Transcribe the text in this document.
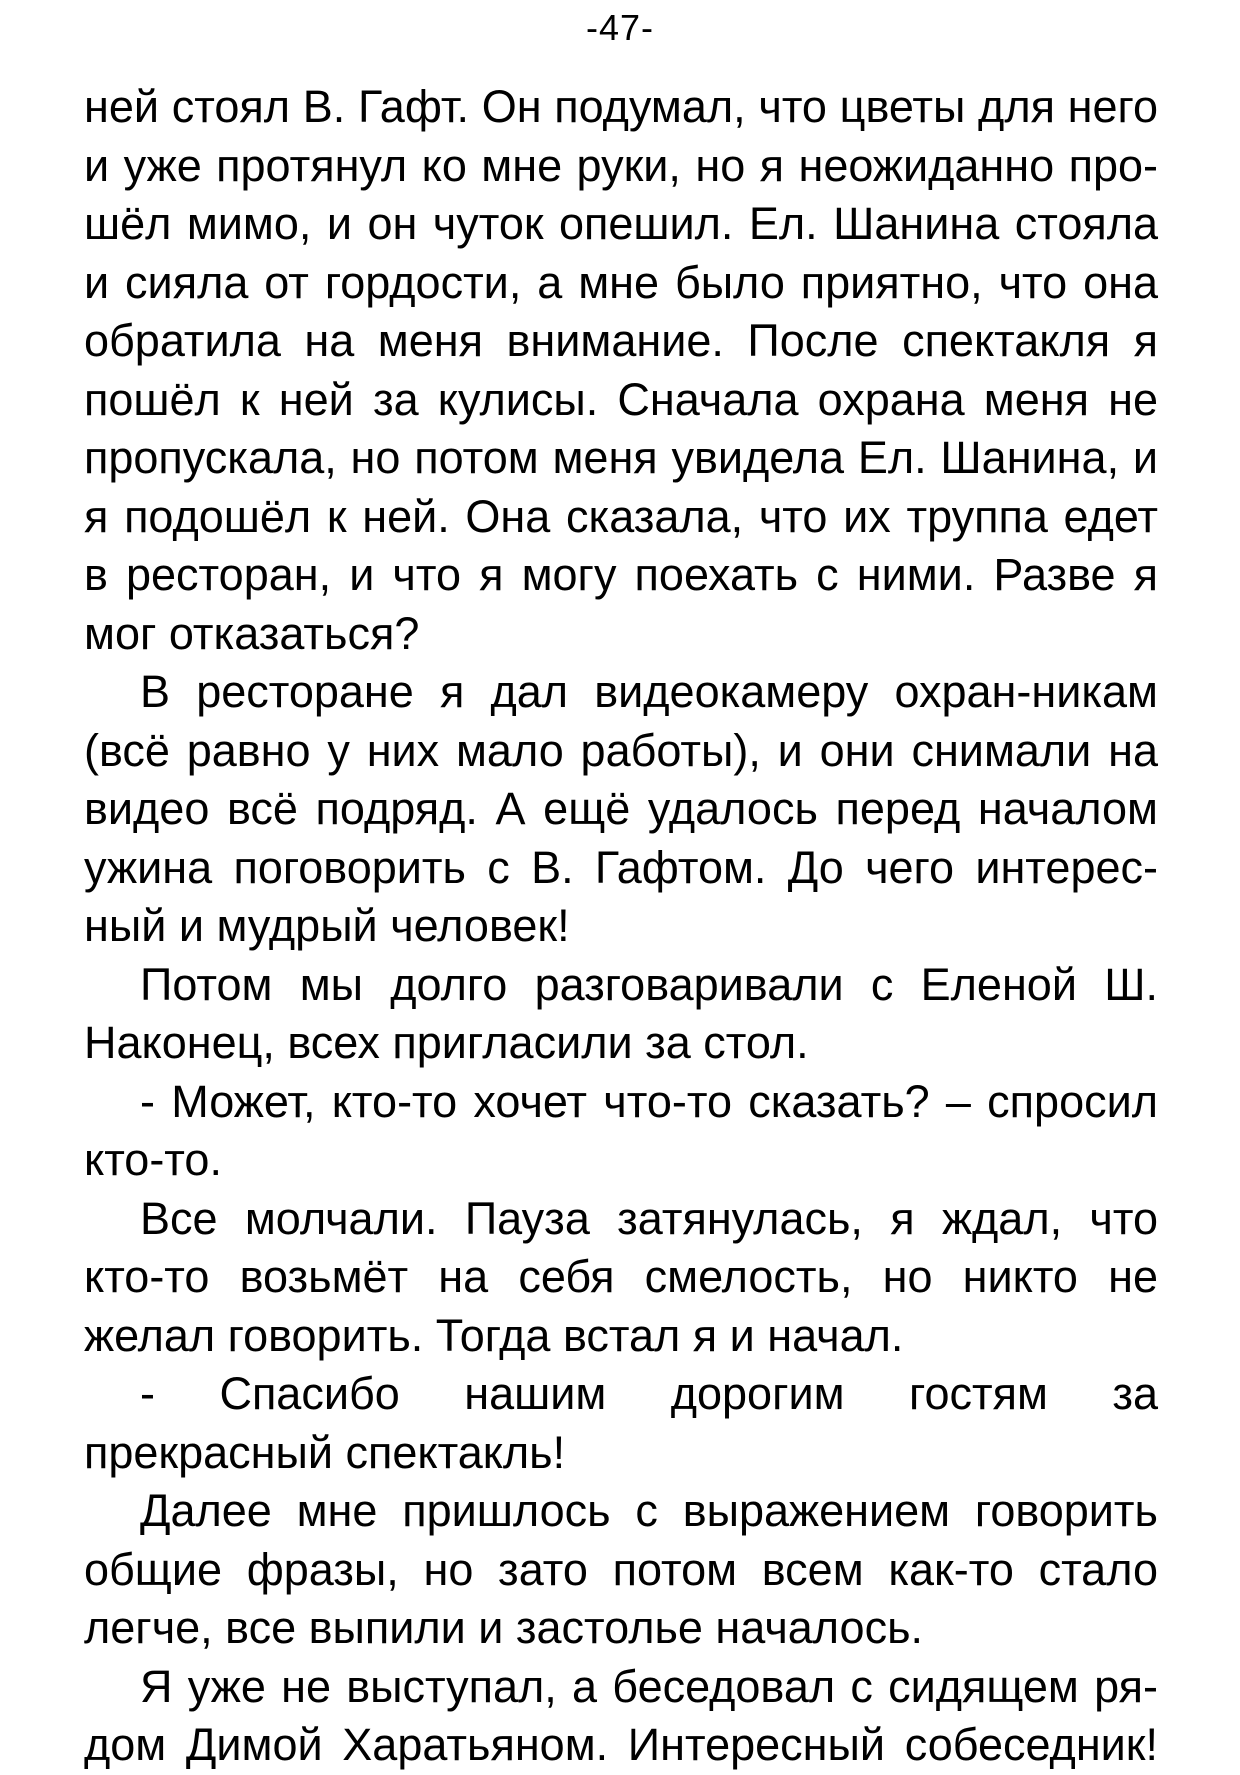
-47-

ней стоял В. Гафт. Он подумал, что цветы для него и уже протянул ко мне руки, но я неожиданно прошёл мимо, и он чуток опешил. Ел. Шанина стояла и сияла от гордости, а мне было приятно, что она обратила на меня внимание. После спектакля я пошёл к ней за кулисы. Сначала охрана меня не пропускала, но потом меня увидела Ел. Шанина, и я подошёл к ней. Она сказала, что их труппа едет в ресторан, и что я могу поехать с ними. Разве я мог отказаться?

В ресторане я дал видеокамеру охран-никам (всё равно у них мало работы), и они снимали на видео всё подряд. А ещё удалось перед началом ужина поговорить с В. Гафтом. До чего интересный и мудрый человек!

Потом мы долго разговаривали с Еленой Ш. Наконец, всех пригласили за стол.

- Может, кто-то хочет что-то сказать? – спросил кто-то.

Все молчали. Пауза затянулась, я ждал, что кто-то возьмёт на себя смелость, но никто не желал говорить. Тогда встал я и начал.

- Спасибо нашим дорогим гостям за прекрасный спектакль!

Далее мне пришлось с выражением говорить общие фразы, но зато потом всем как-то стало легче, все выпили и застолье началось.

Я уже не выступал, а беседовал с сидящем рядом Димой Харатьяном. Интересный собеседник!
